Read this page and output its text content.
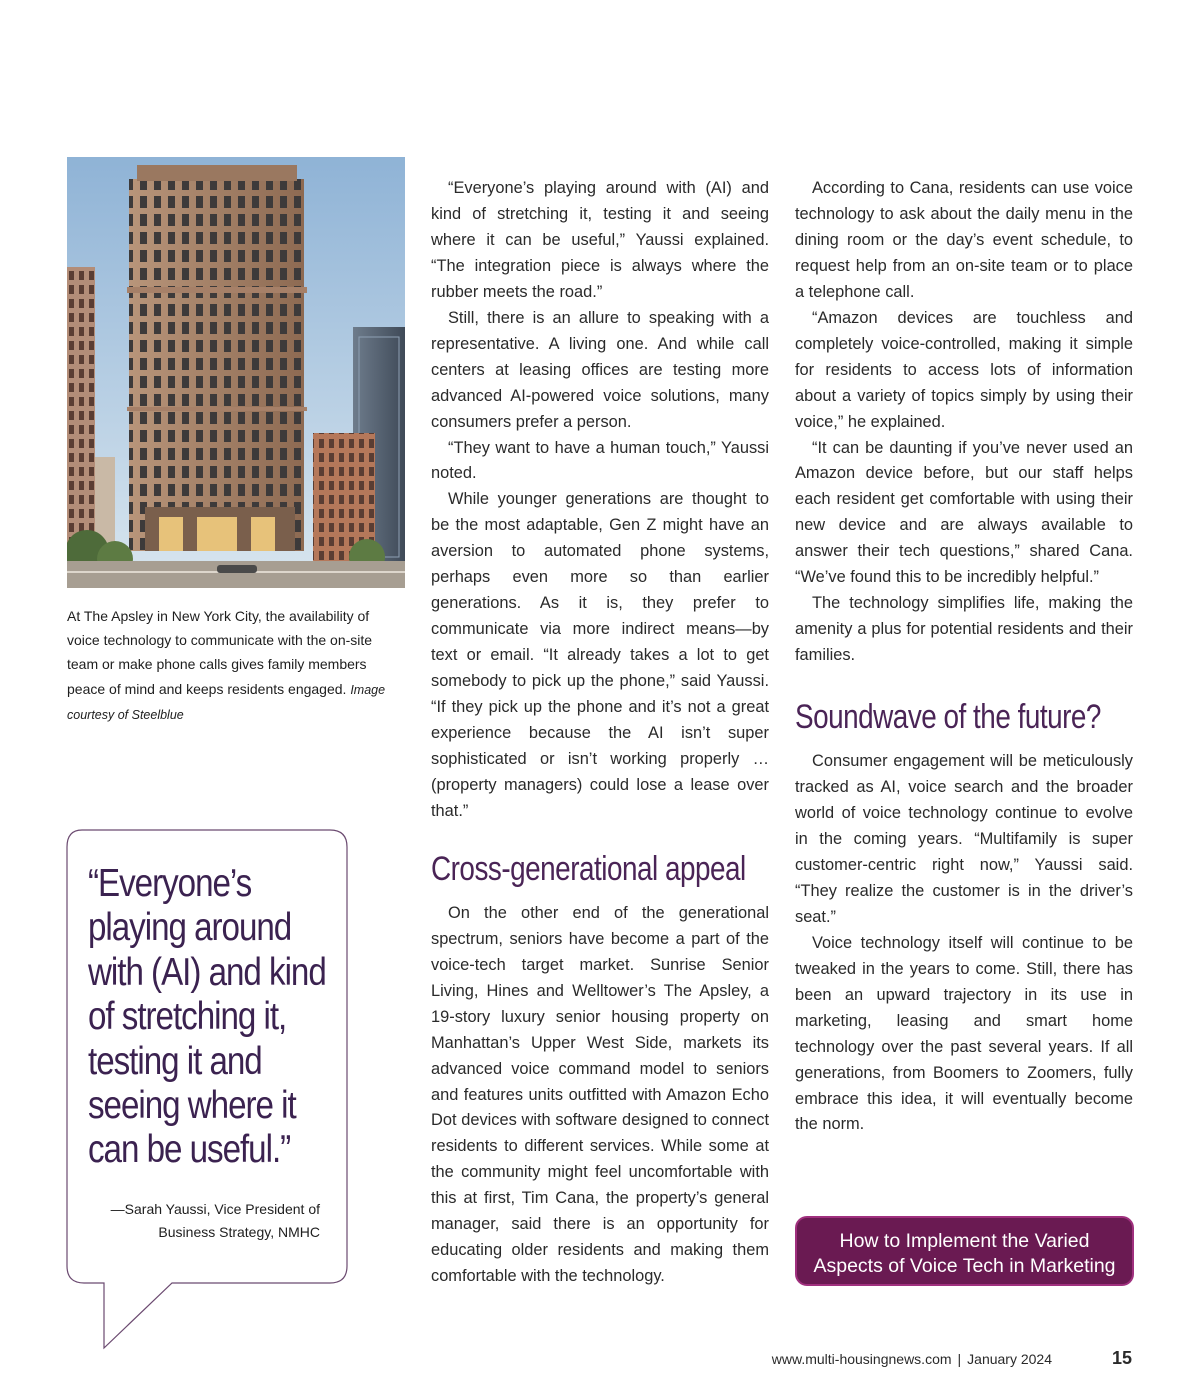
At The Apsley in New York City, the availability of voice technology to communicate with the on-site team or make phone calls gives family members peace of mind and keeps residents engaged. Image courtesy of Steelblue
“Everyone’s playing around with (AI) and kind of stretching it, testing it and seeing where it can be useful.”
—Sarah Yaussi, Vice President of
Business Strategy, NMHC

“Everyone’s playing around with (AI) and kind of stretching it, testing it and seeing where it can be useful,” Yaussi explained. “The integration piece is always where the rubber meets the road.”

Still, there is an allure to speaking with a representative. A living one. And while call centers at leasing offices are testing more advanced AI-powered voice solutions, many consumers prefer a person.

“They want to have a human touch,” Yaussi noted.

While younger generations are thought to be the most adaptable, Gen Z might have an aversion to automated phone systems, perhaps even more so than earlier generations. As it is, they prefer to communicate via more indirect means—by text or email. “It already takes a lot to get somebody to pick up the phone,” said Yaussi. “If they pick up the phone and it’s not a great experience because the AI isn’t super sophisticated or isn’t working properly … (property managers) could lose a lease over that.”

Cross-generational appeal

On the other end of the generational spectrum, seniors have become a part of the voice-tech target market. Sunrise Senior Living, Hines and Welltower’s The Apsley, a 19-story luxury senior housing property on Manhattan’s Upper West Side, markets its advanced voice command model to seniors and features units outfitted with Amazon Echo Dot devices with software designed to connect residents to different services. While some at the community might feel uncomfortable with this at first, Tim Cana, the property’s general manager, said there is an opportunity for educating older residents and making them comfortable with the technology.

According to Cana, residents can use voice technology to ask about the daily menu in the dining room or the day’s event schedule, to request help from an on-site team or to place a telephone call.

“Amazon devices are touchless and completely voice-controlled, making it simple for residents to access lots of information about a variety of topics simply by using their voice,” he explained.

“It can be daunting if you’ve never used an Amazon device before, but our staff helps each resident get comfortable with using their new device and are always available to answer their tech questions,” shared Cana. “We’ve found this to be incredibly helpful.”

The technology simplifies life, making the amenity a plus for potential residents and their families.

Soundwave of the future?

Consumer engagement will be meticulously tracked as AI, voice search and the broader world of voice technology continue to evolve in the coming years. “Multifamily is super customer-centric right now,” Yaussi said. “They realize the customer is in the driver’s seat.”

Voice technology itself will continue to be tweaked in the years to come. Still, there has been an upward trajectory in its use in marketing, leasing and smart home technology over the past several years. If all generations, from Boomers to Zoomers, fully embrace this idea, it will eventually become the norm.

How to Implement the Varied
Aspects of Voice Tech in Marketing
www.multi-housingnews.com | January 2024	15
